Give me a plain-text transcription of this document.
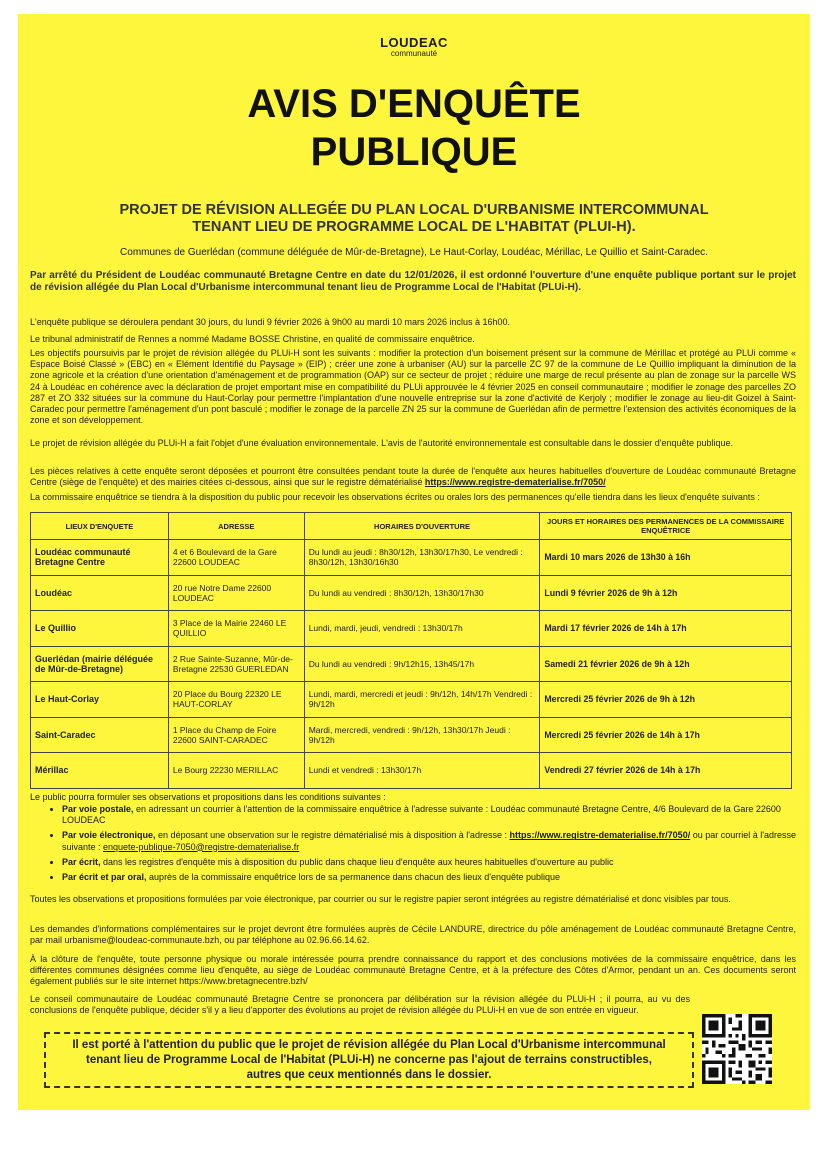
LOUDEAC
communauté
AVIS D'ENQUÊTE
PUBLIQUE
PROJET DE RÉVISION ALLEGÉE DU PLAN LOCAL D'URBANISME INTERCOMMUNAL
TENANT LIEU DE PROGRAMME LOCAL DE L'HABITAT (PLUI-H).
Communes de Guerlédan (commune déléguée de Mûr-de-Bretagne), Le Haut-Corlay, Loudéac, Mérillac, Le Quillio et Saint-Caradec.
Par arrêté du Président de Loudéac communauté Bretagne Centre en date du 12/01/2026, il est ordonné l'ouverture d'une enquête publique portant sur le projet de révision allégée du Plan Local d'Urbanisme intercommunal tenant lieu de Programme Local de l'Habitat (PLUi-H).
L'enquête publique se déroulera pendant 30 jours, du lundi 9 février 2026 à 9h00 au mardi 10 mars 2026 inclus à 16h00.
Le tribunal administratif de Rennes a nommé Madame BOSSE Christine, en qualité de commissaire enquêtrice.
Les objectifs poursuivis par le projet de révision allégée du PLUi-H sont les suivants : modifier la protection d'un boisement présent sur la commune de Mérillac et protégé au PLUi comme « Espace Boisé Classé » (EBC) en « Elément Identifié du Paysage » (EIP) ; créer une zone à urbaniser (AU) sur la parcelle ZC 97 de la commune de Le Quillio impliquant la diminution de la zone agricole et la création d'une orientation d'aménagement et de programmation (OAP) sur ce secteur de projet ; réduire une marge de recul présente au plan de zonage sur la parcelle WS 24 à Loudéac en cohérence avec la déclaration de projet emportant mise en compatibilité du PLUi approuvée le 4 février 2025 en conseil communautaire ; modifier le zonage des parcelles ZO 287 et ZO 332 situées sur la commune du Haut-Corlay pour permettre l'implantation d'une nouvelle entreprise sur la zone d'activité de Kerjoly ; modifier le zonage au lieu-dit Goizel à Saint-Caradec pour permettre l'aménagement d'un pont basculé ; modifier le zonage de la parcelle ZN 25 sur la commune de Guerlédan afin de permettre l'extension des activités économiques de la zone et son développement.
Le projet de révision allégée du PLUi-H a fait l'objet d'une évaluation environnementale. L'avis de l'autorité environnementale est consultable dans le dossier d'enquête publique.
Les pièces relatives à cette enquête seront déposées et pourront être consultées pendant toute la durée de l'enquête aux heures habituelles d'ouverture de Loudéac communauté Bretagne Centre (siège de l'enquête) et des mairies citées ci-dessous, ainsi que sur le registre dématérialisé https://www.registre-dematerialise.fr/7050/
La commissaire enquêtrice se tiendra à la disposition du public pour recevoir les observations écrites ou orales lors des permanences qu'elle tiendra dans les lieux d'enquête suivants :
LIEUX D'ENQUETE	ADRESSE	HORAIRES D'OUVERTURE	JOURS ET HORAIRES DES PERMANENCES DE LA COMMISSAIRE ENQUÊTRICE
Loudéac communauté Bretagne Centre	4 et 6 Boulevard de la Gare 22600 LOUDEAC	Du lundi au jeudi : 8h30/12h, 13h30/17h30, Le vendredi : 8h30/12h, 13h30/16h30	Mardi 10 mars 2026 de 13h30 à 16h
Loudéac	20 rue Notre Dame 22600 LOUDEAC	Du lundi au vendredi : 8h30/12h, 13h30/17h30	Lundi 9 février 2026 de 9h à 12h
Le Quillio	3 Place de la Mairie 22460 LE QUILLIO	Lundi, mardi, jeudi, vendredi : 13h30/17h	Mardi 17 février 2026 de 14h à 17h
Guerlédan (mairie déléguée de Mûr-de-Bretagne)	2 Rue Sainte-Suzanne, Mûr-de-Bretagne 22530 GUERLEDAN	Du lundi au vendredi : 9h/12h15, 13h45/17h	Samedi 21 février 2026 de 9h à 12h
Le Haut-Corlay	20 Place du Bourg 22320 LE HAUT-CORLAY	Lundi, mardi, mercredi et jeudi : 9h/12h, 14h/17h Vendredi : 9h/12h	Mercredi 25 février 2026 de 9h à 12h
Saint-Caradec	1 Place du Champ de Foire 22600 SAINT-CARADEC	Mardi, mercredi, vendredi : 9h/12h, 13h30/17h Jeudi : 9h/12h	Mercredi 25 février 2026 de 14h à 17h
Mérillac	Le Bourg 22230 MERILLAC	Lundi et vendredi : 13h30/17h	Vendredi 27 février 2026 de 14h à 17h
Le public pourra formuler ses observations et propositions dans les conditions suivantes :
• Par voie postale, en adressant un courrier à l'attention de la commissaire enquêtrice à l'adresse suivante : Loudéac communauté Bretagne Centre, 4/6 Boulevard de la Gare 22600 LOUDEAC
• Par voie électronique, en déposant une observation sur le registre dématérialisé mis à disposition à l'adresse : https://www.registre-dematerialise.fr/7050/ ou par courriel à l'adresse suivante : enquete-publique-7050@registre-dematerialise.fr
• Par écrit, dans les registres d'enquête mis à disposition du public dans chaque lieu d'enquête aux heures habituelles d'ouverture au public
• Par écrit et par oral, auprès de la commissaire enquêtrice lors de sa permanence dans chacun des lieux d'enquête publique
Toutes les observations et propositions formulées par voie électronique, par courrier ou sur le registre papier seront intégrées au registre dématérialisé et donc visibles par tous.
Les demandes d'informations complémentaires sur le projet devront être formulées auprès de Cécile LANDURE, directrice du pôle aménagement de Loudéac communauté Bretagne Centre, par mail urbanisme@loudeac-communaute.bzh, ou par téléphone au 02.96.66.14.62.
À la clôture de l'enquête, toute personne physique ou morale intéressée pourra prendre connaissance du rapport et des conclusions motivées de la commissaire enquêtrice, dans les différentes communes désignées comme lieu d'enquête, au siège de Loudéac communauté Bretagne Centre, et à la préfecture des Côtes d'Armor, pendant un an. Ces documents seront également publiés sur le site internet https://www.bretagnecentre.bzh/
Le conseil communautaire de Loudéac communauté Bretagne Centre se prononcera par délibération sur la révision allégée du PLUi-H ; il pourra, au vu des conclusions de l'enquête publique, décider s'il y a lieu d'apporter des évolutions au projet de révision allégée du PLUi-H en vue de son entrée en vigueur.
Il est porté à l'attention du public que le projet de révision allégée du Plan Local d'Urbanisme intercommunal
tenant lieu de Programme Local de l'Habitat (PLUi-H) ne concerne pas l'ajout de terrains constructibles,
autres que ceux mentionnés dans le dossier.
